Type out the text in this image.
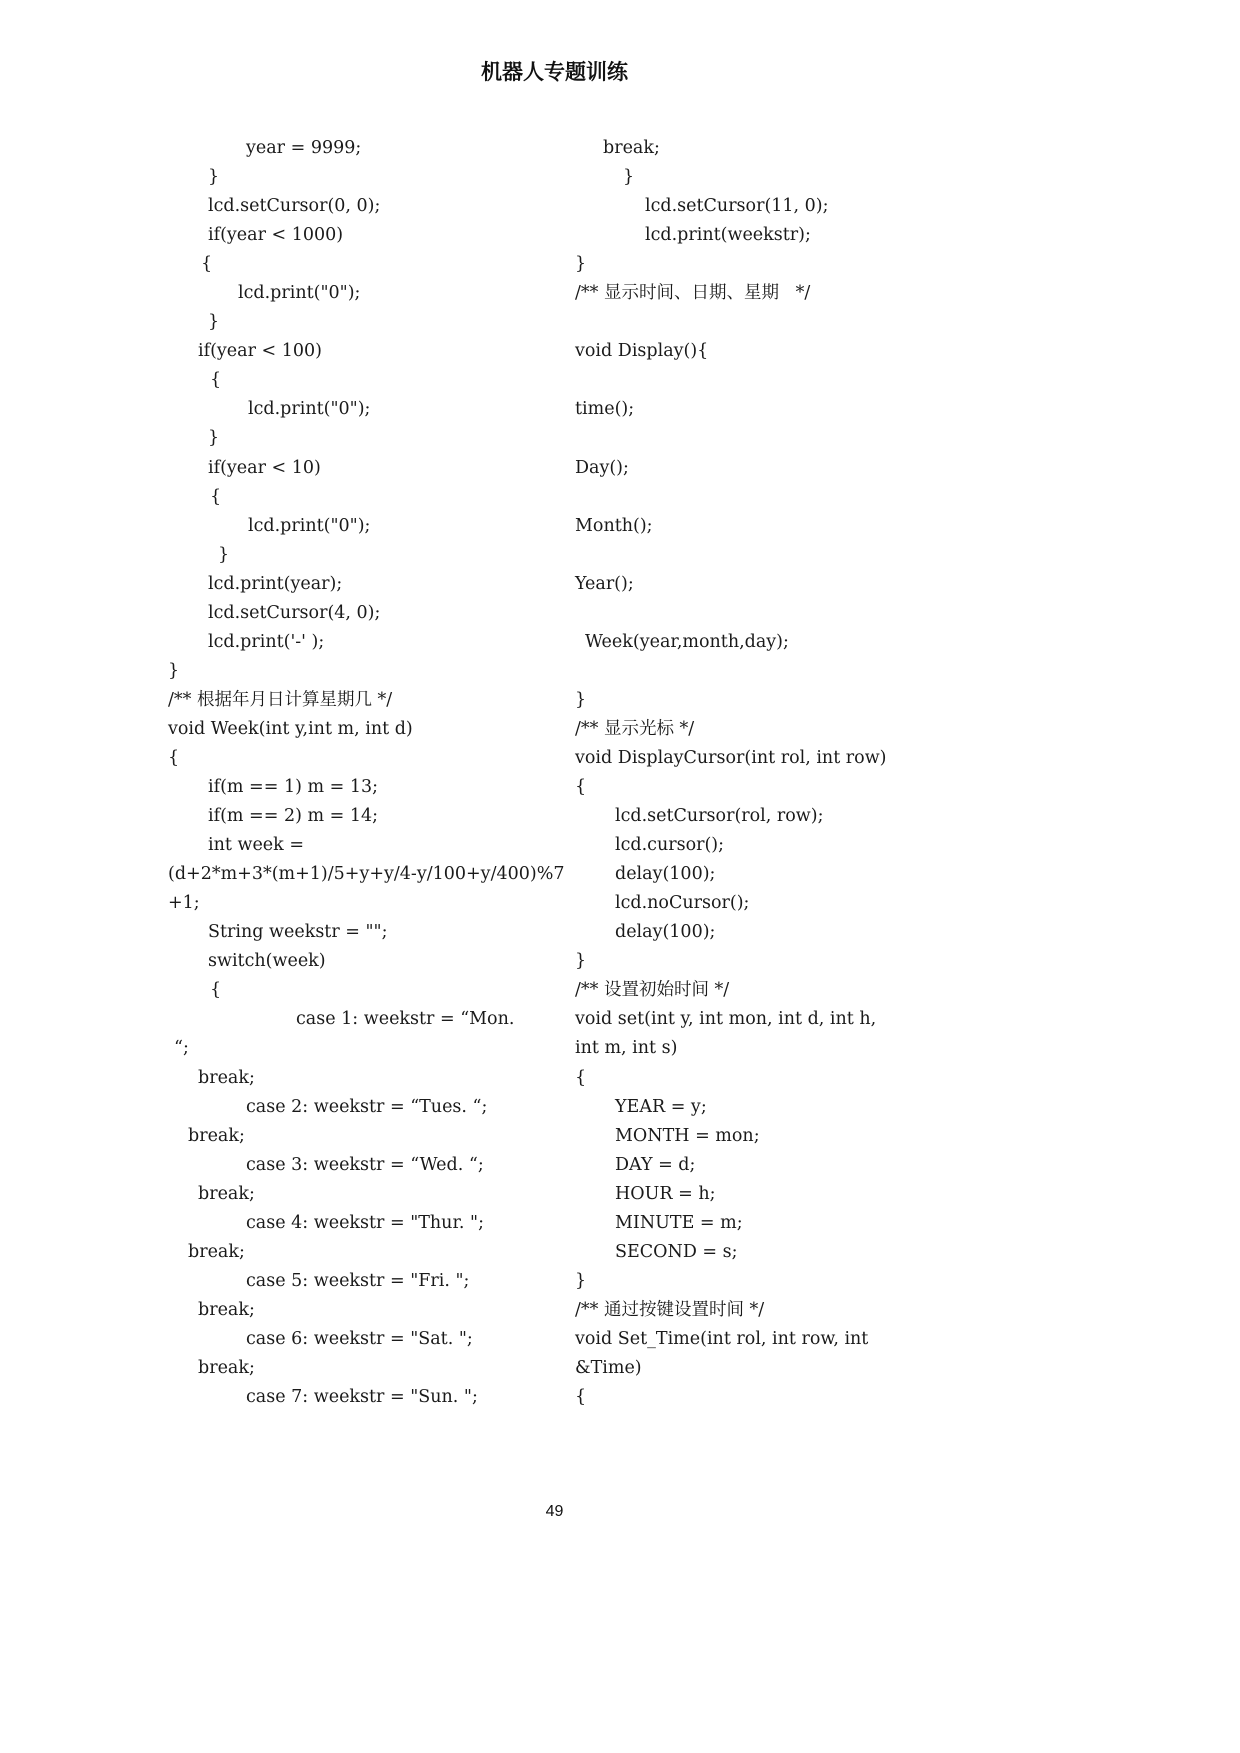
机器人专题训练
year = 9999;
}
lcd.setCursor(0, 0);
if(year < 1000)
{
lcd.print("0");
}
if(year < 100)
{
lcd.print("0");
}
if(year < 10)
{
lcd.print("0");
}
lcd.print(year);
lcd.setCursor(4, 0);
lcd.print('-' );
}
/** 根据年月日计算星期几 */
void Week(int y,int m, int d)
{
if(m == 1) m = 13;
if(m == 2) m = 14;
int week =
(d+2*m+3*(m+1)/5+y+y/4-y/100+y/400)%7
+1;
String weekstr = "";
switch(week)
{
case 1: weekstr = “Mon.
“;
break;
case 2: weekstr = “Tues. “;
break;
case 3: weekstr = “Wed. “;
break;
case 4: weekstr = "Thur. ";
break;
case 5: weekstr = "Fri. ";
break;
case 6: weekstr = "Sat. ";
break;
case 7: weekstr = "Sun. ";
break;
}
lcd.setCursor(11, 0);
lcd.print(weekstr);
}
/** 显示时间、日期、星期   */
void Display(){
time();
Day();
Month();
Year();
Week(year,month,day);
}
/** 显示光标 */
void DisplayCursor(int rol, int row)
{
lcd.setCursor(rol, row);
lcd.cursor();
delay(100);
lcd.noCursor();
delay(100);
}
/** 设置初始时间 */
void set(int y, int mon, int d, int h,
int m, int s)
{
YEAR = y;
MONTH = mon;
DAY = d;
HOUR = h;
MINUTE = m;
SECOND = s;
}
/** 通过按键设置时间 */
void Set_Time(int rol, int row, int
&Time)
{
49
